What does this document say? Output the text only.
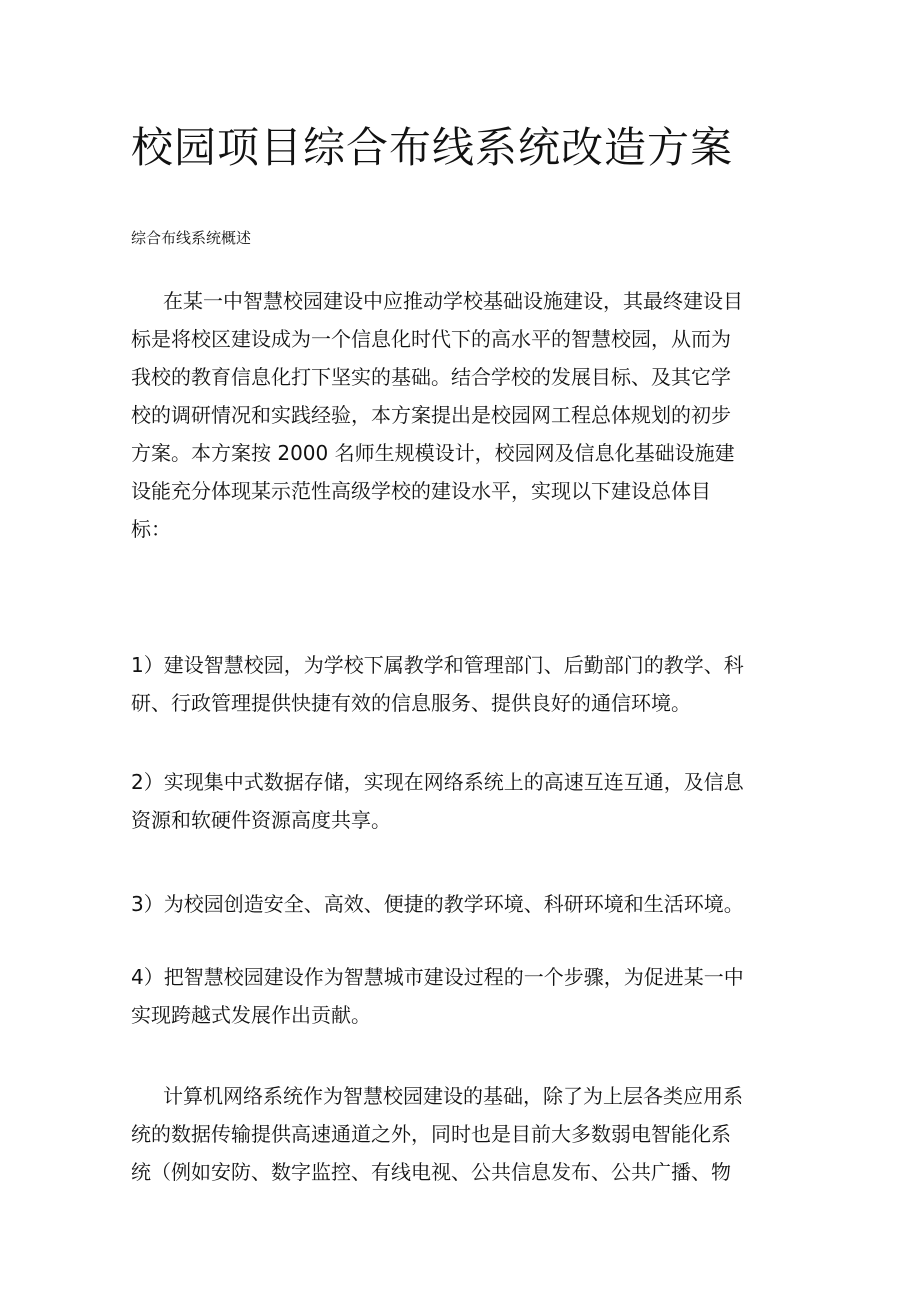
校园项目综合布线系统改造方案
综合布线系统概述
在某一中智慧校园建设中应推动学校基础设施建设，其最终建设目
标是将校区建设成为一个信息化时代下的高水平的智慧校园，从而为
我校的教育信息化打下坚实的基础。结合学校的发展目标、及其它学
校的调研情况和实践经验，本方案提出是校园网工程总体规划的初步
方案。本方案按 2000 名师生规模设计，校园网及信息化基础设施建
设能充分体现某示范性高级学校的建设水平，实现以下建设总体目
标：
1）建设智慧校园，为学校下属教学和管理部门、后勤部门的教学、科
研、行政管理提供快捷有效的信息服务、提供良好的通信环境。
2）实现集中式数据存储，实现在网络系统上的高速互连互通，及信息
资源和软硬件资源高度共享。
3）为校园创造安全、高效、便捷的教学环境、科研环境和生活环境。
4）把智慧校园建设作为智慧城市建设过程的一个步骤，为促进某一中
实现跨越式发展作出贡献。
计算机网络系统作为智慧校园建设的基础，除了为上层各类应用系
统的数据传输提供高速通道之外，同时也是目前大多数弱电智能化系
统（例如安防、数字监控、有线电视、公共信息发布、公共广播、物
